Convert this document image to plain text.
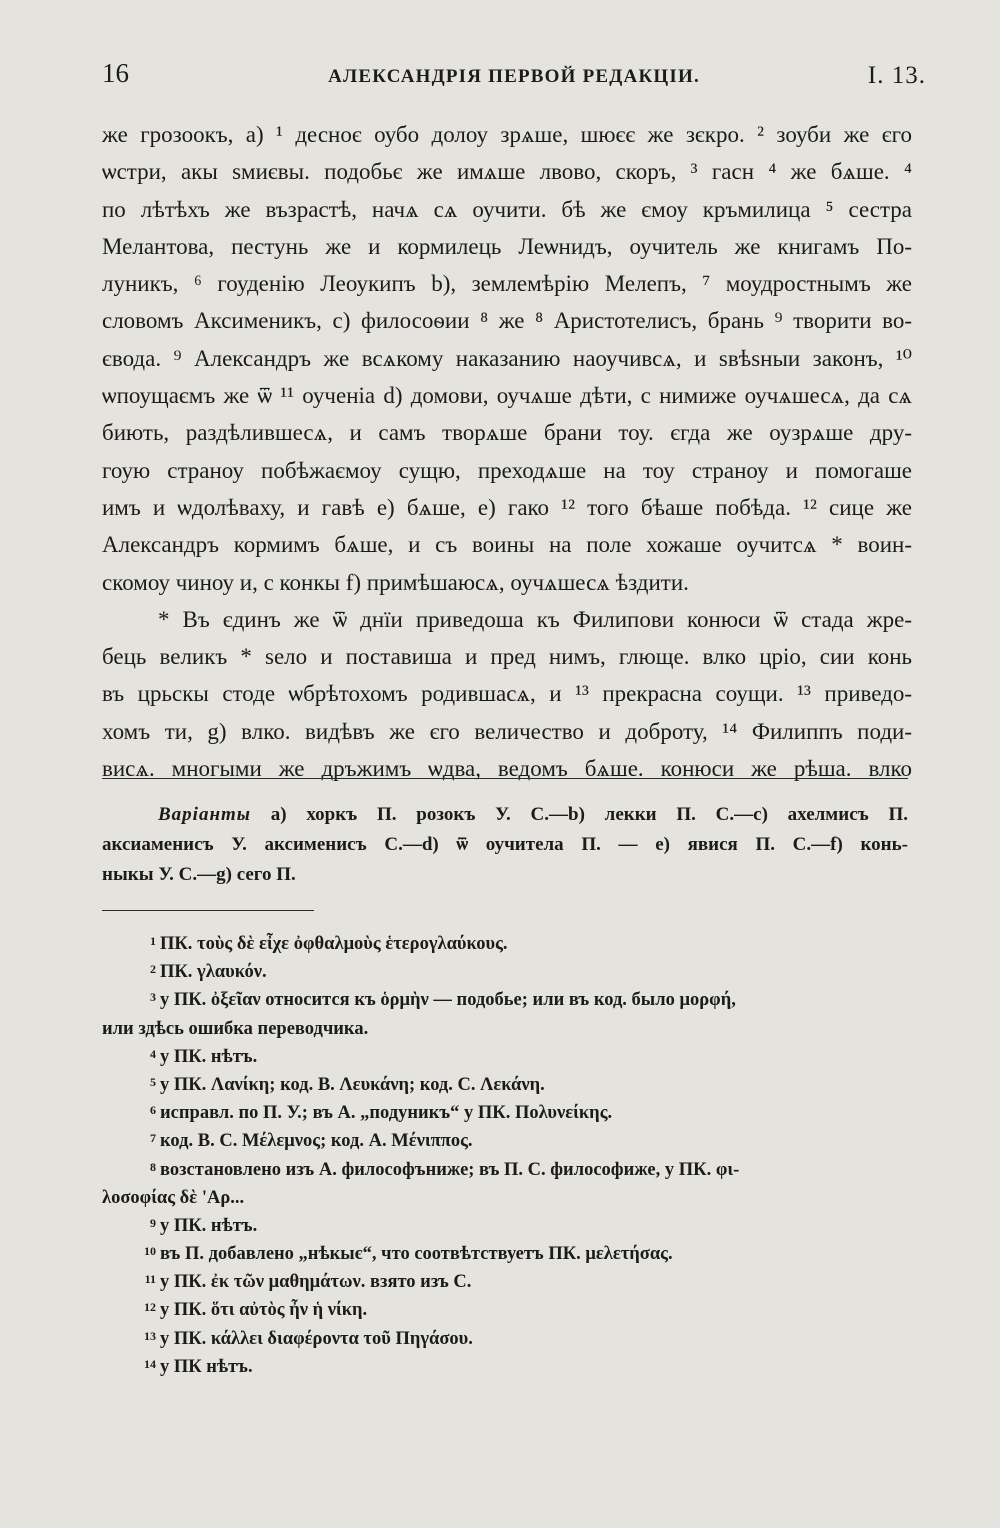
16	АЛЕКСАНДРІЯ ПЕРВОЙ РЕДАКЦІИ.	I. 13.
же грозоокъ, a) ¹ десноє оубо долоу зрѧше, шюєє же зєкро. ² зоуби же єго
ѡстри, акы ѕмиєвы. подобьє же имѧше лвово, скоръ, ³ гасн ⁴ же бѧше. ⁴
по лѣтѣхъ же възрастѣ, начѧ сѧ оучити. бѣ же ємоу кръмилица ⁵ сестра
Мелантова, пестунь же и кормилець Леѡнидъ, оучитель же книгамъ По-
луникъ, ⁶ гоуденію Леоукипъ b), землемѣрію Мелепъ, ⁷ моудростнымъ же
словомъ Аксименикъ, c) филосоѳии ⁸ же ⁸ Аристотелисъ, брань ⁹ творити во-
євода. ⁹ Александръ же всѧкому наказанию наоучивсѧ, и ѕвѣѕныи законъ, ¹⁰
ѡпоущаємъ же ѿ ¹¹ оученіа d) домови, оучѧше дѣти, с нимиже оучѧшесѧ, да сѧ
биють, раздѣлившесѧ, и самъ творѧше брани тоу. єгда же оузрѧше дру-
гоую страноу побѣжаємоу сущю, преходѧше на тоу страноу и помогаше
имъ и ѡдолѣваху, и гавѣ e) бѧше, e) гако ¹² того бѣаше побѣда. ¹² сице же
Александръ кормимъ бѧше, и съ воины на поле хожаше оучитсѧ * воин-
скомоу чиноу и, с конкы f) примѣшаюсѧ, оучѧшесѧ ѣздити.
* Въ єдинъ же ѿ днїи приведоша къ Филипови конюси ѿ стада жре-
бець великъ * ѕело и поставиша и пред нимъ, глюще. влко цріо, сии конь
въ црьскы стоде ѡбрѣтохомъ родившасѧ, и ¹³ прекрасна соущи. ¹³ приведо-
хомъ ти, g) влко. видѣвъ же єго величество и доброту, ¹⁴ Филиппъ поди-
висѧ. многыми же дръжимъ ѡдва, ведомъ бѧше. конюси же рѣша. влко
Варіанты а) хоркъ П. розокъ У. С.—b) лекки П. С.—c) ахелмисъ П.
аксиаменисъ У. аксименисъ С.—d) ѿ оучитела П. — e) явися П. С.—f) конь-
ныкы У. С.—g) сего П.
1 ПК. τοὺς δὲ εἶχε ὀφθαλμοὺς ἑτερογλαύκους.
2 ПК. γλαυκόν.
3 у ПК. ὀξεῖαν относится къ ὁρμὴν — подобье; или въ код. было μορφή,
или здѣсь ошибка переводчика.
4 у ПК. нѣтъ.
5 у ПК. Λανίκη; код. В. Λευκάνη; код. С. Λεκάνη.
6 исправл. по П. У.; въ А. „подуникъ“ у ПК. Πολυνείκης.
7 код. В. С. Μέλεμνος; код. А. Μένιππος.
8 возстановлено изъ А. философъниже; въ П. С. философиже, у ПК. φι-
λοσοφίας δὲ 'Αρ...
9 у ПК. нѣтъ.
10 въ П. добавлено „нѣкыє“, что соотвѣтствуетъ ПК. μελετήσας.
11 у ПК. ἐκ τῶν μαθημάτων. взято изъ С.
12 у ПК. ὅτι αὐτὸς ἦν ἡ νίκη.
13 у ПК. κάλλει διαφέροντα τοῦ Πηγάσου.
14 у ПК нѣтъ.
